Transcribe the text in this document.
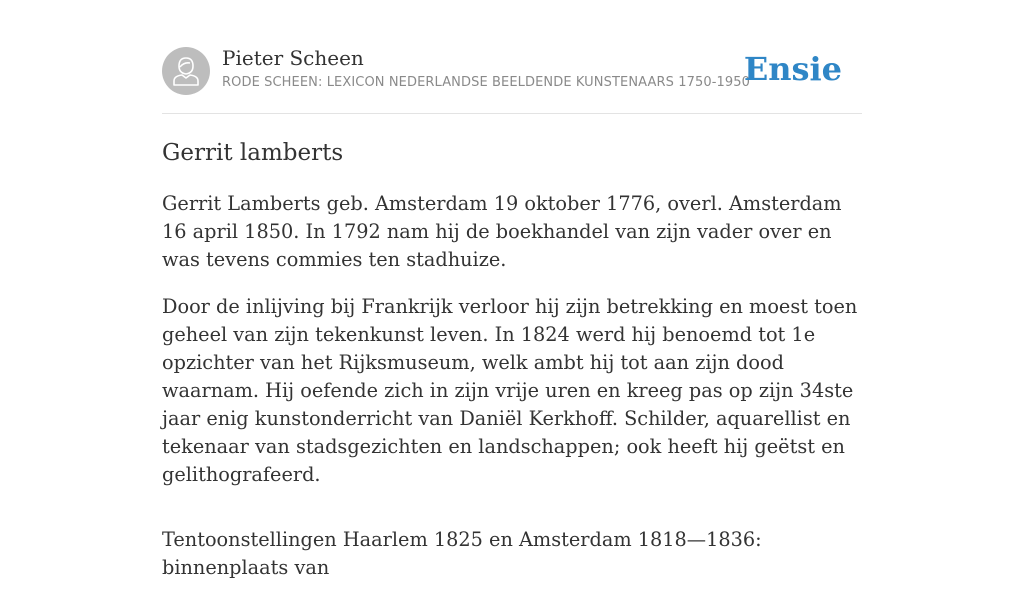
Pieter Scheen
RODE SCHEEN: LEXICON NEDERLANDSE BEELDENDE KUNSTENAARS 1750-1950
Ensie
Gerrit lamberts

Gerrit Lamberts geb. Amsterdam 19 oktober 1776, overl. Amsterdam 16 april 1850. In 1792 nam hij de boekhandel van zijn vader over en was tevens commies ten stadhuize.

Door de inlijving bij Frankrijk verloor hij zijn betrekking en moest toen geheel van zijn tekenkunst leven. In 1824 werd hij benoemd tot 1e opzichter van het Rijksmuseum, welk ambt hij tot aan zijn dood waarnam. Hij oefende zich in zijn vrije uren en kreeg pas op zijn 34ste jaar enig kunstonderricht van Daniël Kerkhoff. Schilder, aquarellist en tekenaar van stadsgezichten en landschappen; ook heeft hij geëtst en gelithografeerd.

Tentoonstellingen Haarlem 1825 en Amsterdam 1818—1836: binnenplaats van
